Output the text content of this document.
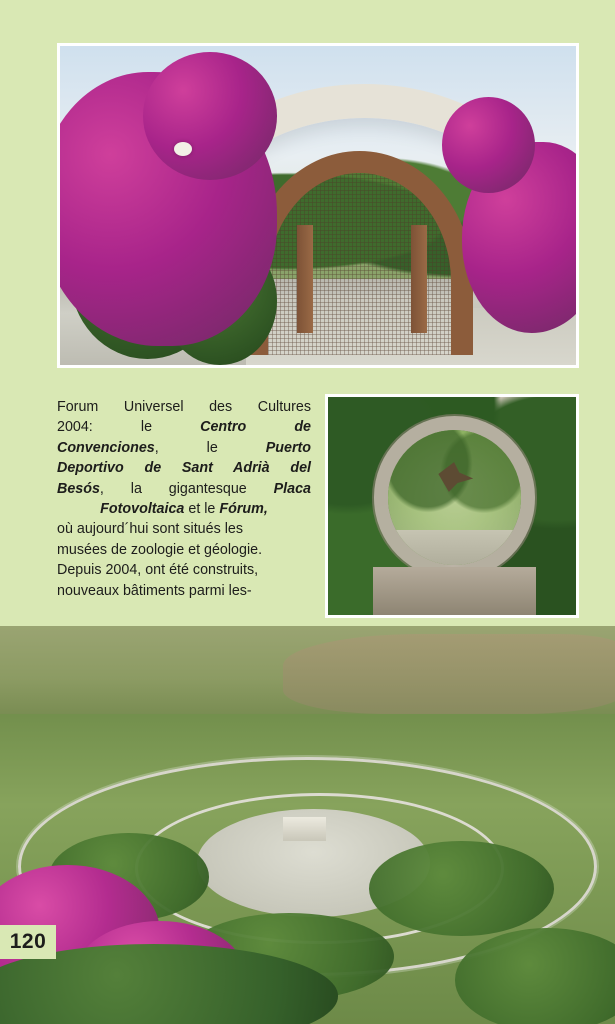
Forum Universel des Cultures
2004: le Centro de
Convenciones, le Puerto
Deportivo de Sant Adrià del
Besós, la gigantesque Placa
Fotovoltaica et le Fórum,
où aujourd´hui sont situés les
musées de zoologie et géologie.
Depuis 2004, ont été construits,
nouveaux bâtiments parmi les-
120
